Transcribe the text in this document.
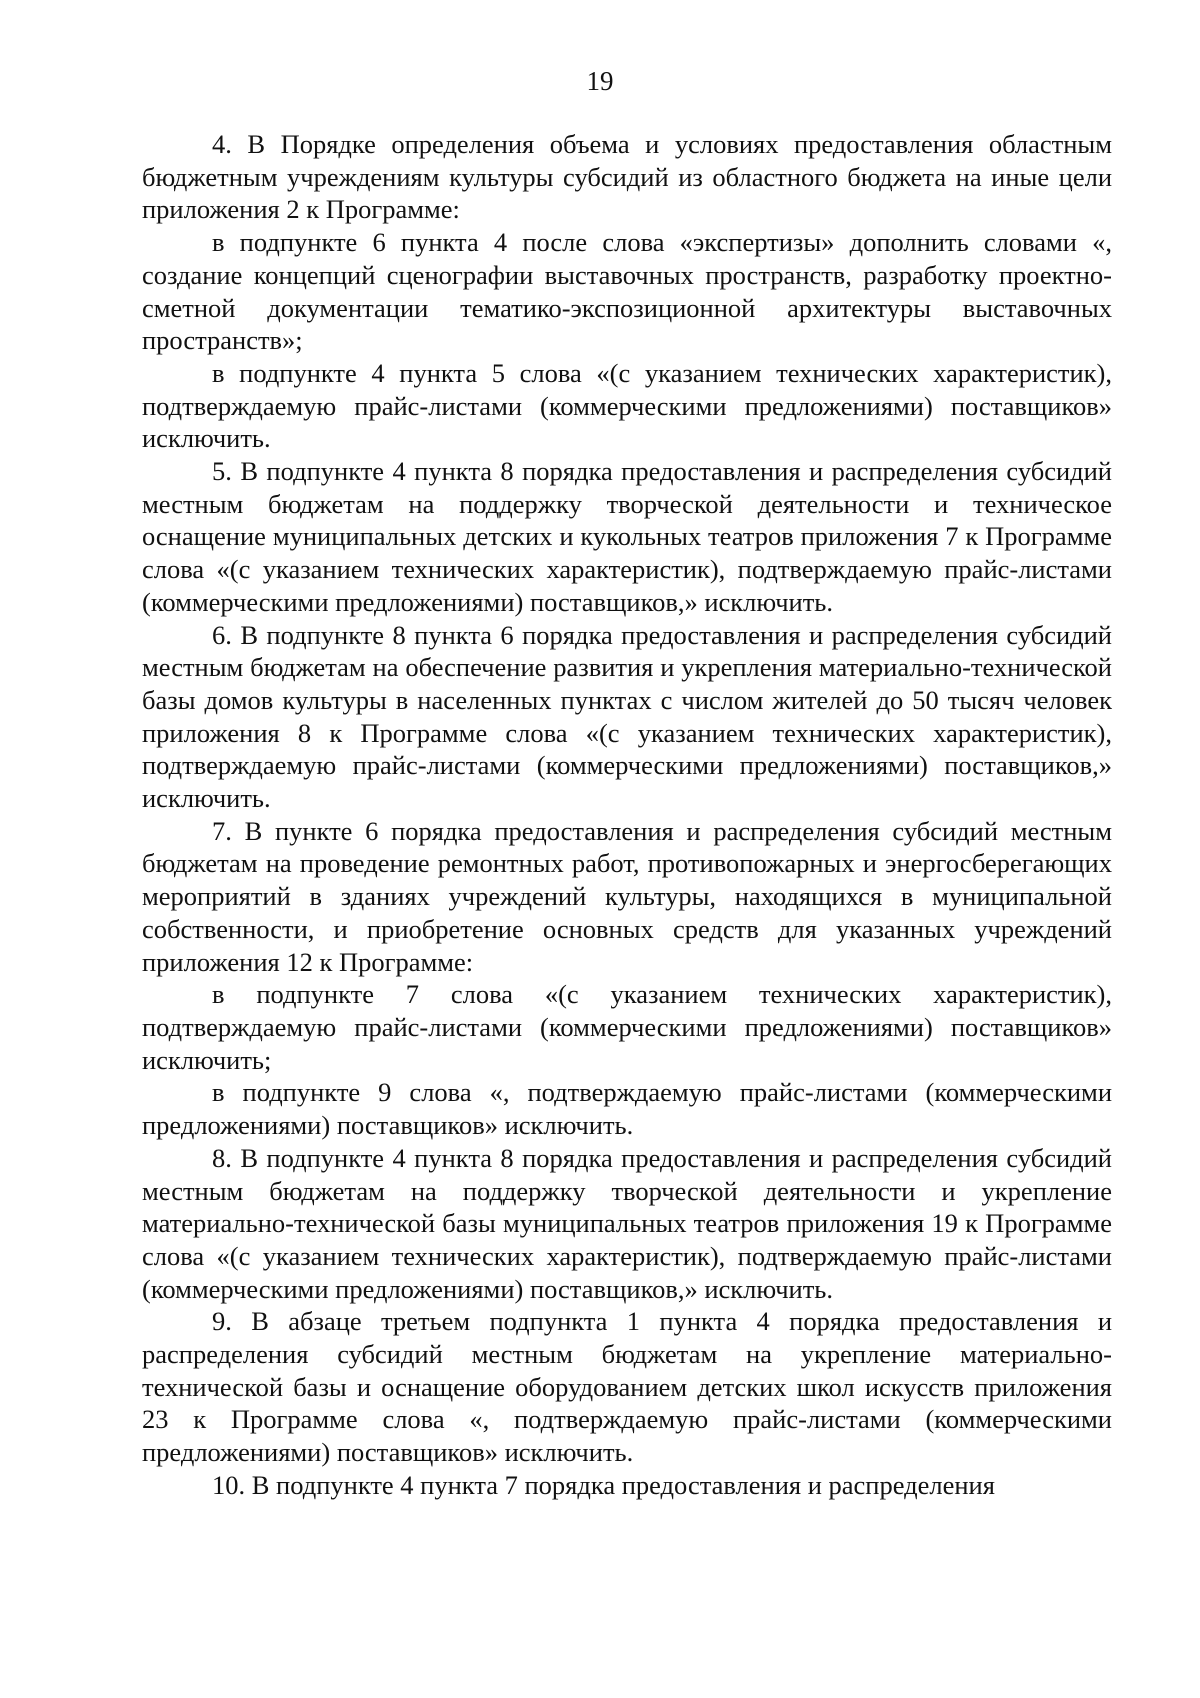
19

4. В Порядке определения объема и условиях предоставления областным бюджетным учреждениям культуры субсидий из областного бюджета на иные цели приложения 2 к Программе:

в подпункте 6 пункта 4 после слова «экспертизы» дополнить словами «, создание концепций сценографии выставочных пространств, разработку проектно-сметной документации тематико-экспозиционной архитектуры выставочных пространств»;

в подпункте 4 пункта 5 слова «(с указанием технических характеристик), подтверждаемую прайс-листами (коммерческими предложениями) поставщиков» исключить.

5. В подпункте 4 пункта 8 порядка предоставления и распределения субсидий местным бюджетам на поддержку творческой деятельности и техническое оснащение муниципальных детских и кукольных театров приложения 7 к Программе слова «(с указанием технических характеристик), подтверждаемую прайс-листами (коммерческими предложениями) поставщиков,» исключить.

6. В подпункте 8 пункта 6 порядка предоставления и распределения субсидий местным бюджетам на обеспечение развития и укрепления материально-технической базы домов культуры в населенных пунктах с числом жителей до 50 тысяч человек приложения 8 к Программе слова «(с указанием технических характеристик), подтверждаемую прайс-листами (коммерческими предложениями) поставщиков,» исключить.

7. В пункте 6 порядка предоставления и распределения субсидий местным бюджетам на проведение ремонтных работ, противопожарных и энергосберегающих мероприятий в зданиях учреждений культуры, находящихся в муниципальной собственности, и приобретение основных средств для указанных учреждений приложения 12 к Программе:

в подпункте 7 слова «(с указанием технических характеристик), подтверждаемую прайс-листами (коммерческими предложениями) поставщиков» исключить;

в подпункте 9 слова «, подтверждаемую прайс-листами (коммерческими предложениями) поставщиков» исключить.

8. В подпункте 4 пункта 8 порядка предоставления и распределения субсидий местным бюджетам на поддержку творческой деятельности и укрепление материально-технической базы муниципальных театров приложения 19 к Программе слова «(с указанием технических характеристик), подтверждаемую прайс-листами (коммерческими предложениями) поставщиков,» исключить.

9. В абзаце третьем подпункта 1 пункта 4 порядка предоставления и распределения субсидий местным бюджетам на укрепление материально-технической базы и оснащение оборудованием детских школ искусств приложения 23 к Программе слова «, подтверждаемую прайс-листами (коммерческими предложениями) поставщиков» исключить.

10. В подпункте 4 пункта 7 порядка предоставления и распределения
